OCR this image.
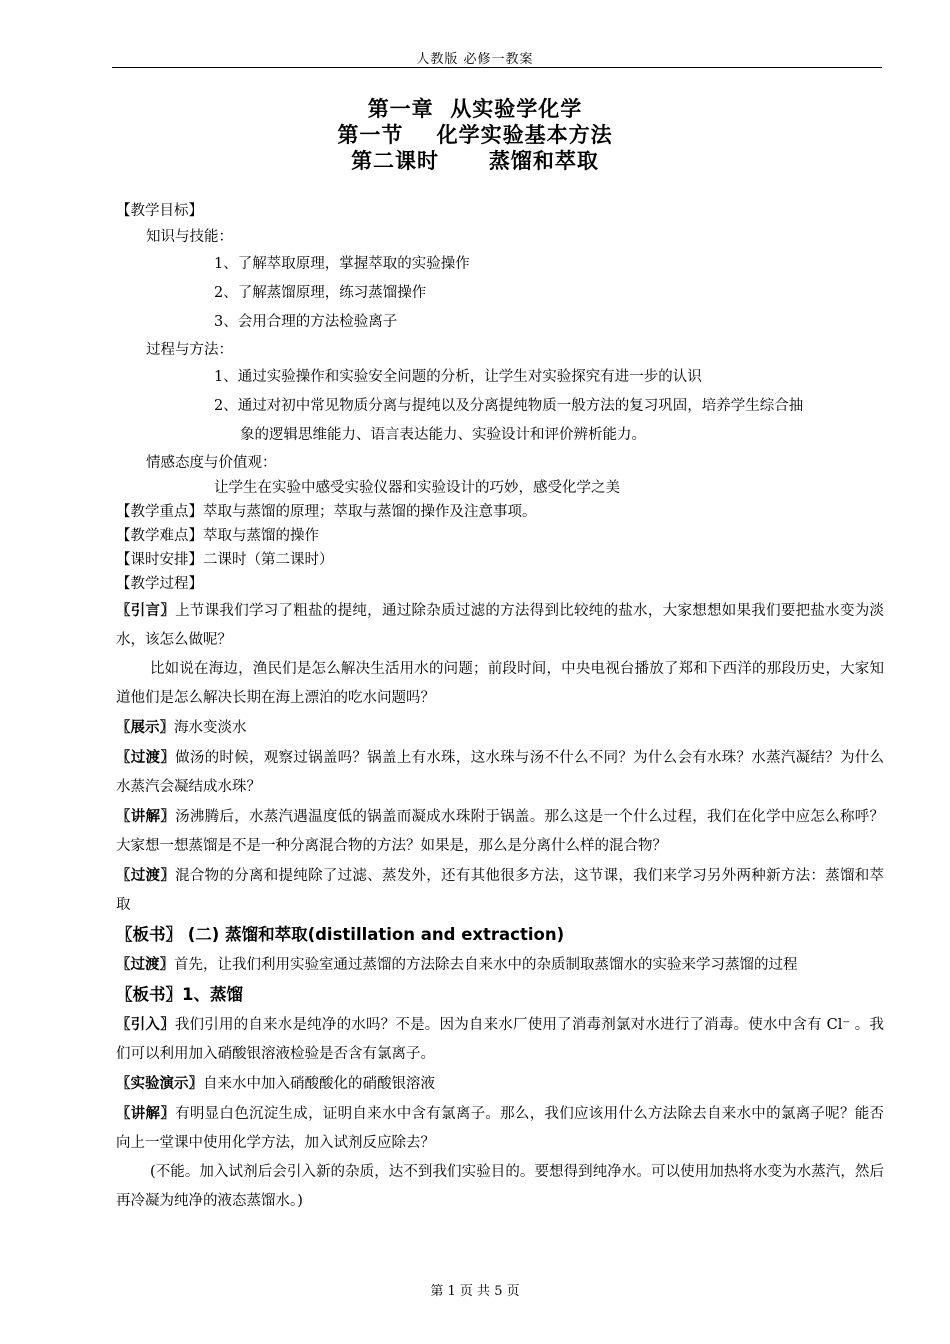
人教版 必修一教案
第一章  从实验学化学
第一节    化学实验基本方法
第二课时      蒸馏和萃取
【教学目标】
知识与技能：
1、了解萃取原理，掌握萃取的实验操作
2、了解蒸馏原理，练习蒸馏操作
3、会用合理的方法检验离子
过程与方法：
1、通过实验操作和实验安全问题的分析，让学生对实验探究有进一步的认识
2、通过对初中常见物质分离与提纯以及分离提纯物质一般方法的复习巩固，培养学生综合抽
象的逻辑思维能力、语言表达能力、实验设计和评价辨析能力。
情感态度与价值观：
让学生在实验中感受实验仪器和实验设计的巧妙，感受化学之美
【教学重点】萃取与蒸馏的原理；萃取与蒸馏的操作及注意事项。
【教学难点】萃取与蒸馏的操作
【课时安排】二课时（第二课时）
【教学过程】
〖引言〗上节课我们学习了粗盐的提纯，通过除杂质过滤的方法得到比较纯的盐水，大家想想如果我们要把盐水变为淡水，该怎么做呢？
比如说在海边，渔民们是怎么解决生活用水的问题；前段时间，中央电视台播放了郑和下西洋的那段历史，大家知道他们是怎么解决长期在海上漂泊的吃水问题吗？
〖展示〗海水变淡水
〖过渡〗做汤的时候，观察过锅盖吗？锅盖上有水珠，这水珠与汤不什么不同？为什么会有水珠？水蒸汽凝结？为什么水蒸汽会凝结成水珠？
〖讲解〗汤沸腾后，水蒸汽遇温度低的锅盖而凝成水珠附于锅盖。那么这是一个什么过程，我们在化学中应怎么称呼？大家想一想蒸馏是不是一种分离混合物的方法？如果是，那么是分离什么样的混合物？
〖过渡〗混合物的分离和提纯除了过滤、蒸发外，还有其他很多方法，这节课，我们来学习另外两种新方法：蒸馏和萃取
〖板书〗 (二) 蒸馏和萃取(distillation and extraction)
〖过渡〗首先，让我们利用实验室通过蒸馏的方法除去自来水中的杂质制取蒸馏水的实验来学习蒸馏的过程
〖板书〗1、蒸馏
〖引入〗我们引用的自来水是纯净的水吗？不是。因为自来水厂使用了消毒剂氯对水进行了消毒。使水中含有 Cl⁻ 。我们可以利用加入硝酸银溶液检验是否含有氯离子。
〖实验演示〗自来水中加入硝酸酸化的硝酸银溶液
〖讲解〗有明显白色沉淀生成，证明自来水中含有氯离子。那么，我们应该用什么方法除去自来水中的氯离子呢？能否向上一堂课中使用化学方法，加入试剂反应除去？
(不能。加入试剂后会引入新的杂质，达不到我们实验目的。要想得到纯净水。可以使用加热将水变为水蒸汽，然后再冷凝为纯净的液态蒸馏水。)
第 1 页 共 5 页
